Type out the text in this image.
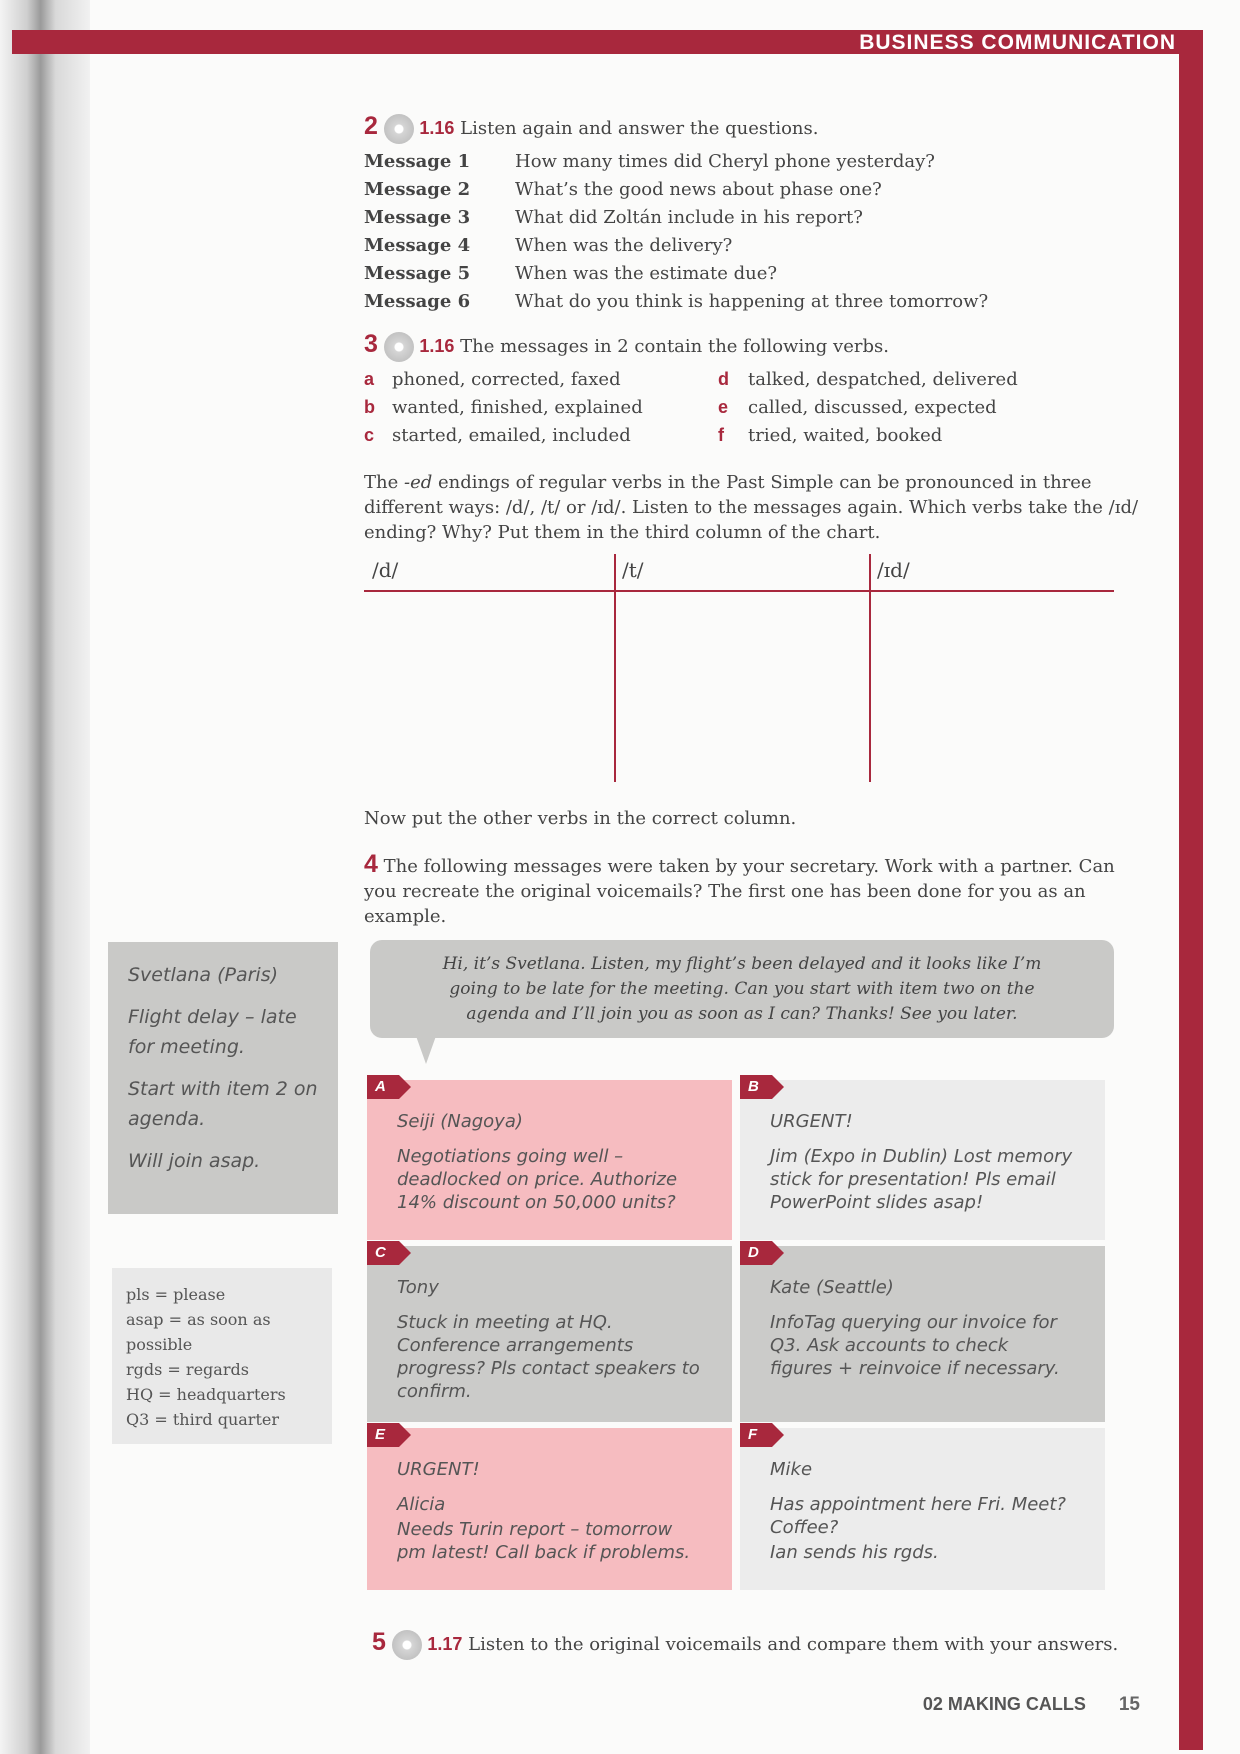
BUSINESS COMMUNICATION
2 1.16 Listen again and answer the questions.
Message 1 How many times did Cheryl phone yesterday?
Message 2 What’s the good news about phase one?
Message 3 What did Zoltán include in his report?
Message 4 When was the delivery?
Message 5 When was the estimate due?
Message 6 What do you think is happening at three tomorrow?
3 1.16 The messages in 2 contain the following verbs.
a phoned, corrected, faxed
b wanted, finished, explained
c started, emailed, included
d talked, despatched, delivered
e called, discussed, expected
f tried, waited, booked
The -ed endings of regular verbs in the Past Simple can be pronounced in three different ways: /d/, /t/ or /ɪd/. Listen to the messages again. Which verbs take the /ɪd/ ending? Why? Put them in the third column of the chart.
/d/	/t/	/ɪd/
Now put the other verbs in the correct column.
4 The following messages were taken by your secretary. Work with a partner. Can you recreate the original voicemails? The first one has been done for you as an example.

Svetlana (Paris)

Flight delay – late for meeting.

Start with item 2 on agenda.

Will join asap.

Hi, it’s Svetlana. Listen, my flight’s been delayed and it looks like I’m going to be late for the meeting. Can you start with item two on the agenda and I’ll join you as soon as I can? Thanks! See you later.
pls = please
asap = as soon as possible
rgds = regards
HQ = headquarters
Q3 = third quarter
A

Seiji (Nagoya)

Negotiations going well – deadlocked on price. Authorize 14% discount on 50,000 units?

B

URGENT!

Jim (Expo in Dublin) Lost memory stick for presentation! Pls email PowerPoint slides asap!

C

Tony

Stuck in meeting at HQ. Conference arrangements progress? Pls contact speakers to confirm.

D

Kate (Seattle)

InfoTag querying our invoice for Q3. Ask accounts to check figures + reinvoice if necessary.

E

URGENT!

Alicia

Needs Turin report – tomorrow pm latest! Call back if problems.

F

Mike

Has appointment here Fri. Meet? Coffee?

Ian sends his rgds.

5 1.17 Listen to the original voicemails and compare them with your answers.
02 MAKING CALLS 15
